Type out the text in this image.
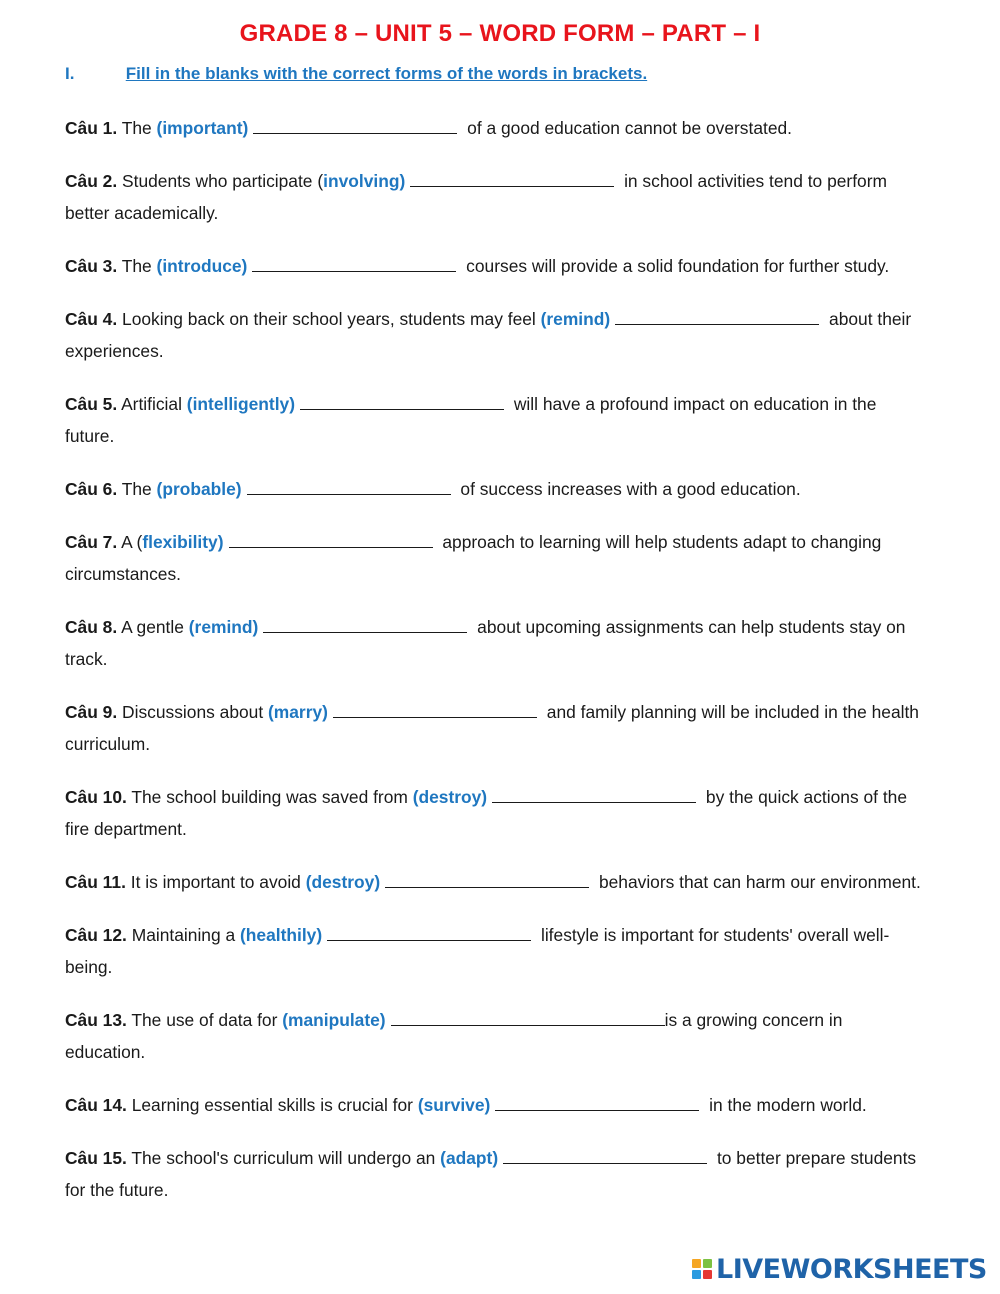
GRADE 8 – UNIT 5 – WORD FORM – PART – I
I.	Fill in the blanks with the correct forms of the words in brackets.

Câu 1. The (important)	of a good education cannot be overstated.

Câu 2. Students who participate (involving)	in school activities tend to perform better academically.

Câu 3. The (introduce)	courses will provide a solid foundation for further study.

Câu 4. Looking back on their school years, students may feel (remind)	about their experiences.

Câu 5. Artificial (intelligently)	will have a profound impact on education in the future.

Câu 6. The (probable)	of success increases with a good education.

Câu 7. A (flexibility)	approach to learning will help students adapt to changing circumstances.

Câu 8. A gentle (remind)	about upcoming assignments can help students stay on track.

Câu 9. Discussions about (marry)	and family planning will be included in the health curriculum.

Câu 10. The school building was saved from (destroy)	by the quick actions of the fire department.

Câu 11. It is important to avoid (destroy)	behaviors that can harm our environment.

Câu 12. Maintaining a (healthily)	lifestyle is important for students' overall well-being.

Câu 13. The use of data for (manipulate)	is a growing concern in education.

Câu 14. Learning essential skills is crucial for (survive)	in the modern world.

Câu 15. The school's curriculum will undergo an (adapt)	to better prepare students for the future.

LIVEWORKSHEETS
